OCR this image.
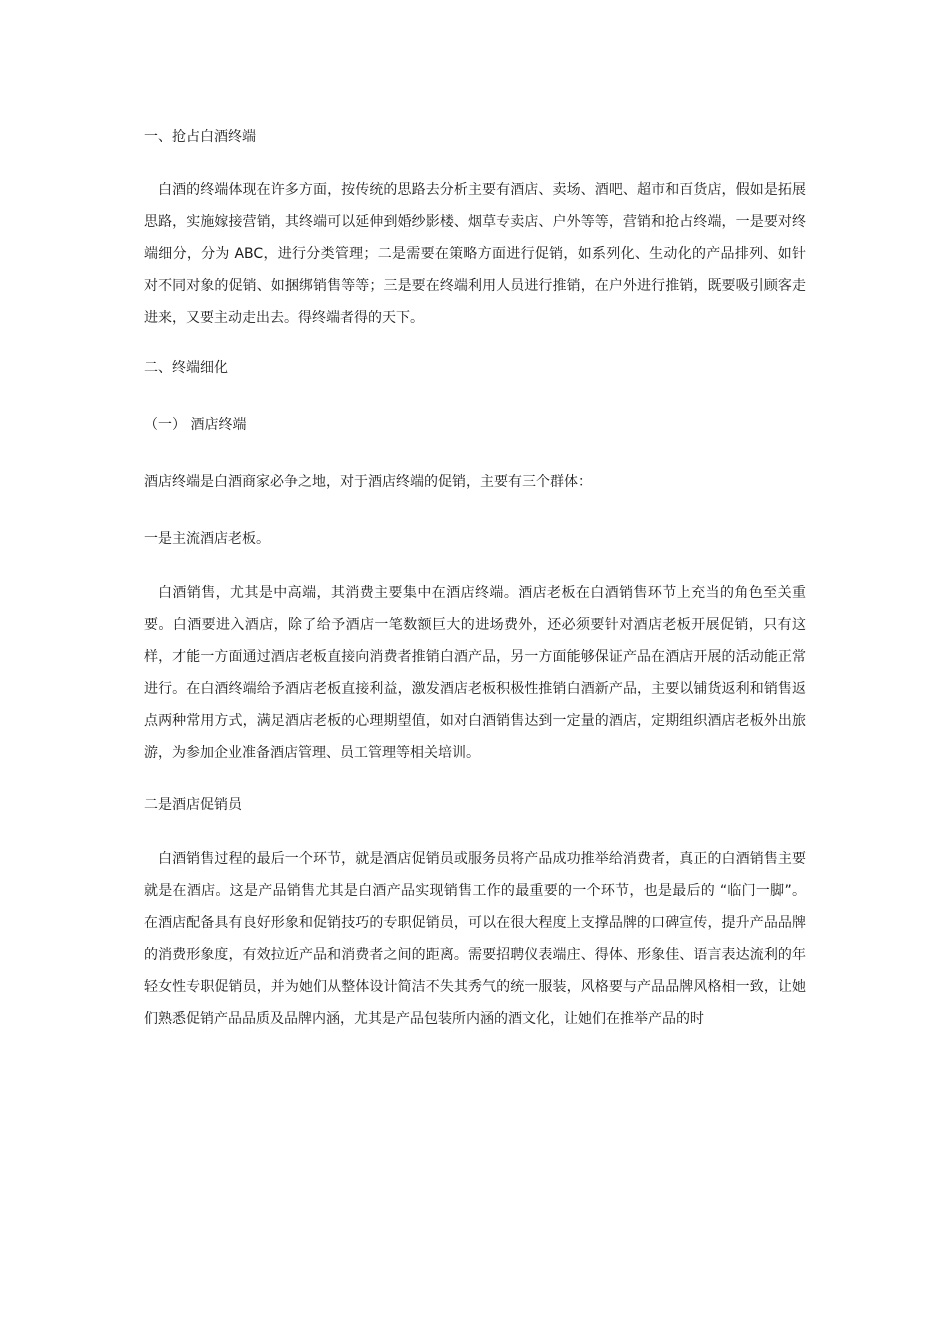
一、抢占白酒终端

白酒的终端体现在许多方面，按传统的思路去分析主要有酒店、卖场、酒吧、超市和百货店，假如是拓展思路，实施嫁接营销，其终端可以延伸到婚纱影楼、烟草专卖店、户外等等，营销和抢占终端，一是要对终端细分，分为 ABC，进行分类管理；二是需要在策略方面进行促销，如系列化、生动化的产品排列、如针对不同对象的促销、如捆绑销售等等；三是要在终端利用人员进行推销，在户外进行推销，既要吸引顾客走进来，又要主动走出去。得终端者得的天下。

二、终端细化

（一） 酒店终端

酒店终端是白酒商家必争之地，对于酒店终端的促销，主要有三个群体：

一是主流酒店老板。

白酒销售，尤其是中高端，其消费主要集中在酒店终端。酒店老板在白酒销售环节上充当的角色至关重要。白酒要进入酒店，除了给予酒店一笔数额巨大的进场费外，还必须要针对酒店老板开展促销，只有这样，才能一方面通过酒店老板直接向消费者推销白酒产品，另一方面能够保证产品在酒店开展的活动能正常进行。在白酒终端给予酒店老板直接利益，激发酒店老板积极性推销白酒新产品，主要以铺货返利和销售返点两种常用方式，满足酒店老板的心理期望值，如对白酒销售达到一定量的酒店，定期组织酒店老板外出旅游，为参加企业准备酒店管理、员工管理等相关培训。

二是酒店促销员

白酒销售过程的最后一个环节，就是酒店促销员或服务员将产品成功推举给消费者，真正的白酒销售主要就是在酒店。这是产品销售尤其是白酒产品实现销售工作的最重要的一个环节，也是最后的 “临门一脚”。在酒店配备具有良好形象和促销技巧的专职促销员，可以在很大程度上支撑品牌的口碑宣传，提升产品品牌的消费形象度，有效拉近产品和消费者之间的距离。需要招聘仪表端庄、得体、形象佳、语言表达流利的年轻女性专职促销员，并为她们从整体设计简洁不失其秀气的统一服装，风格要与产品品牌风格相一致，让她们熟悉促销产品品质及品牌内涵，尤其是产品包装所内涵的酒文化，让她们在推举产品的时
